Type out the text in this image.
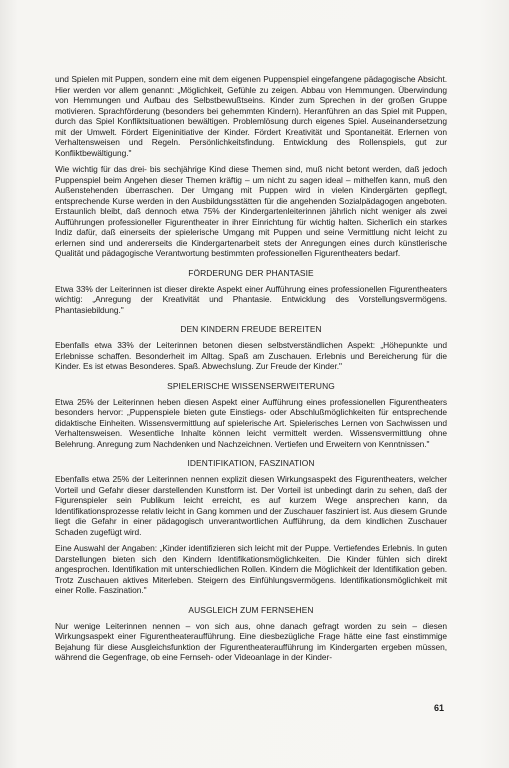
und Spielen mit Puppen, sondern eine mit dem eigenen Puppenspiel eingefangene pädagogische Absicht. Hier werden vor allem genannt: „Möglichkeit, Gefühle zu zeigen. Abbau von Hemmungen. Überwindung von Hemmungen und Aufbau des Selbstbewußtseins. Kinder zum Sprechen in der großen Gruppe motivieren. Sprachförderung (besonders bei gehemmten Kindern). Heranführen an das Spiel mit Puppen, durch das Spiel Konfliktsituationen bewältigen. Problemlösung durch eigenes Spiel. Auseinandersetzung mit der Umwelt. Fördert Eigeninitiative der Kinder. Fördert Kreativität und Spontaneität. Erlernen von Verhaltensweisen und Regeln. Persönlichkeitsfindung. Entwicklung des Rollenspiels, gut zur Konfliktbewältigung."

Wie wichtig für das drei- bis sechjährige Kind diese Themen sind, muß nicht betont werden, daß jedoch Puppenspiel beim Angehen dieser Themen kräftig – um nicht zu sagen ideal – mithelfen kann, muß den Außenstehenden überraschen. Der Umgang mit Puppen wird in vielen Kindergärten gepflegt, entsprechende Kurse werden in den Ausbildungsstätten für die angehenden Sozialpädagogen angeboten. Erstaunlich bleibt, daß dennoch etwa 75% der Kindergartenleiterinnen jährlich nicht weniger als zwei Aufführungen professioneller Figurentheater in ihrer Einrichtung für wichtig halten. Sicherlich ein starkes Indiz dafür, daß einerseits der spielerische Umgang mit Puppen und seine Vermittlung nicht leicht zu erlernen sind und andererseits die Kindergartenarbeit stets der Anregungen eines durch künstlerische Qualität und pädagogische Verantwortung bestimmten professionellen Figurentheaters bedarf.

FÖRDERUNG DER PHANTASIE

Etwa 33% der Leiterinnen ist dieser direkte Aspekt einer Aufführung eines professionellen Figurentheaters wichtig: „Anregung der Kreativität und Phantasie. Entwicklung des Vorstellungsvermögens. Phantasiebildung."

DEN KINDERN FREUDE BEREITEN

Ebenfalls etwa 33% der Leiterinnen betonen diesen selbstverständlichen Aspekt: „Höhepunkte und Erlebnisse schaffen. Besonderheit im Alltag. Spaß am Zuschauen. Erlebnis und Bereicherung für die Kinder. Es ist etwas Besonderes. Spaß. Abwechslung. Zur Freude der Kinder."

SPIELERISCHE WISSENSERWEITERUNG

Etwa 25% der Leiterinnen heben diesen Aspekt einer Aufführung eines professionellen Figurentheaters besonders hervor: „Puppenspiele bieten gute Einstiegs- oder Abschlußmöglichkeiten für entsprechende didaktische Einheiten. Wissensvermittlung auf spielerische Art. Spielerisches Lernen von Sachwissen und Verhaltensweisen. Wesentliche Inhalte können leicht vermittelt werden. Wissensvermittlung ohne Belehrung. Anregung zum Nachdenken und Nachzeichnen. Vertiefen und Erweitern von Kenntnissen."

IDENTIFIKATION, FASZINATION

Ebenfalls etwa 25% der Leiterinnen nennen explizit diesen Wirkungsaspekt des Figurentheaters, welcher Vorteil und Gefahr dieser darstellenden Kunstform ist. Der Vorteil ist unbedingt darin zu sehen, daß der Figurenspieler sein Publikum leicht erreicht, es auf kurzem Wege ansprechen kann, da Identifikationsprozesse relativ leicht in Gang kommen und der Zuschauer fasziniert ist. Aus diesem Grunde liegt die Gefahr in einer pädagogisch unverantwortlichen Aufführung, da dem kindlichen Zuschauer Schaden zugefügt wird.

Eine Auswahl der Angaben: „Kinder identifizieren sich leicht mit der Puppe. Vertiefendes Erlebnis. In guten Darstellungen bieten sich den Kindern Identifikationsmöglichkeiten. Die Kinder fühlen sich direkt angesprochen. Identifikation mit unterschiedlichen Rollen. Kindern die Möglichkeit der Identifikation geben. Trotz Zuschauen aktives Miterleben. Steigern des Einfühlungsvermögens. Identifikationsmöglichkeit mit einer Rolle. Faszination."

AUSGLEICH ZUM FERNSEHEN

Nur wenige Leiterinnen nennen – von sich aus, ohne danach gefragt worden zu sein – diesen Wirkungsaspekt einer Figurentheateraufführung. Eine diesbezügliche Frage hätte eine fast einstimmige Bejahung für diese Ausgleichsfunktion der Figurentheateraufführung im Kindergarten ergeben müssen, während die Gegenfrage, ob eine Fernseh- oder Videoanlage in der Kinder-

61
